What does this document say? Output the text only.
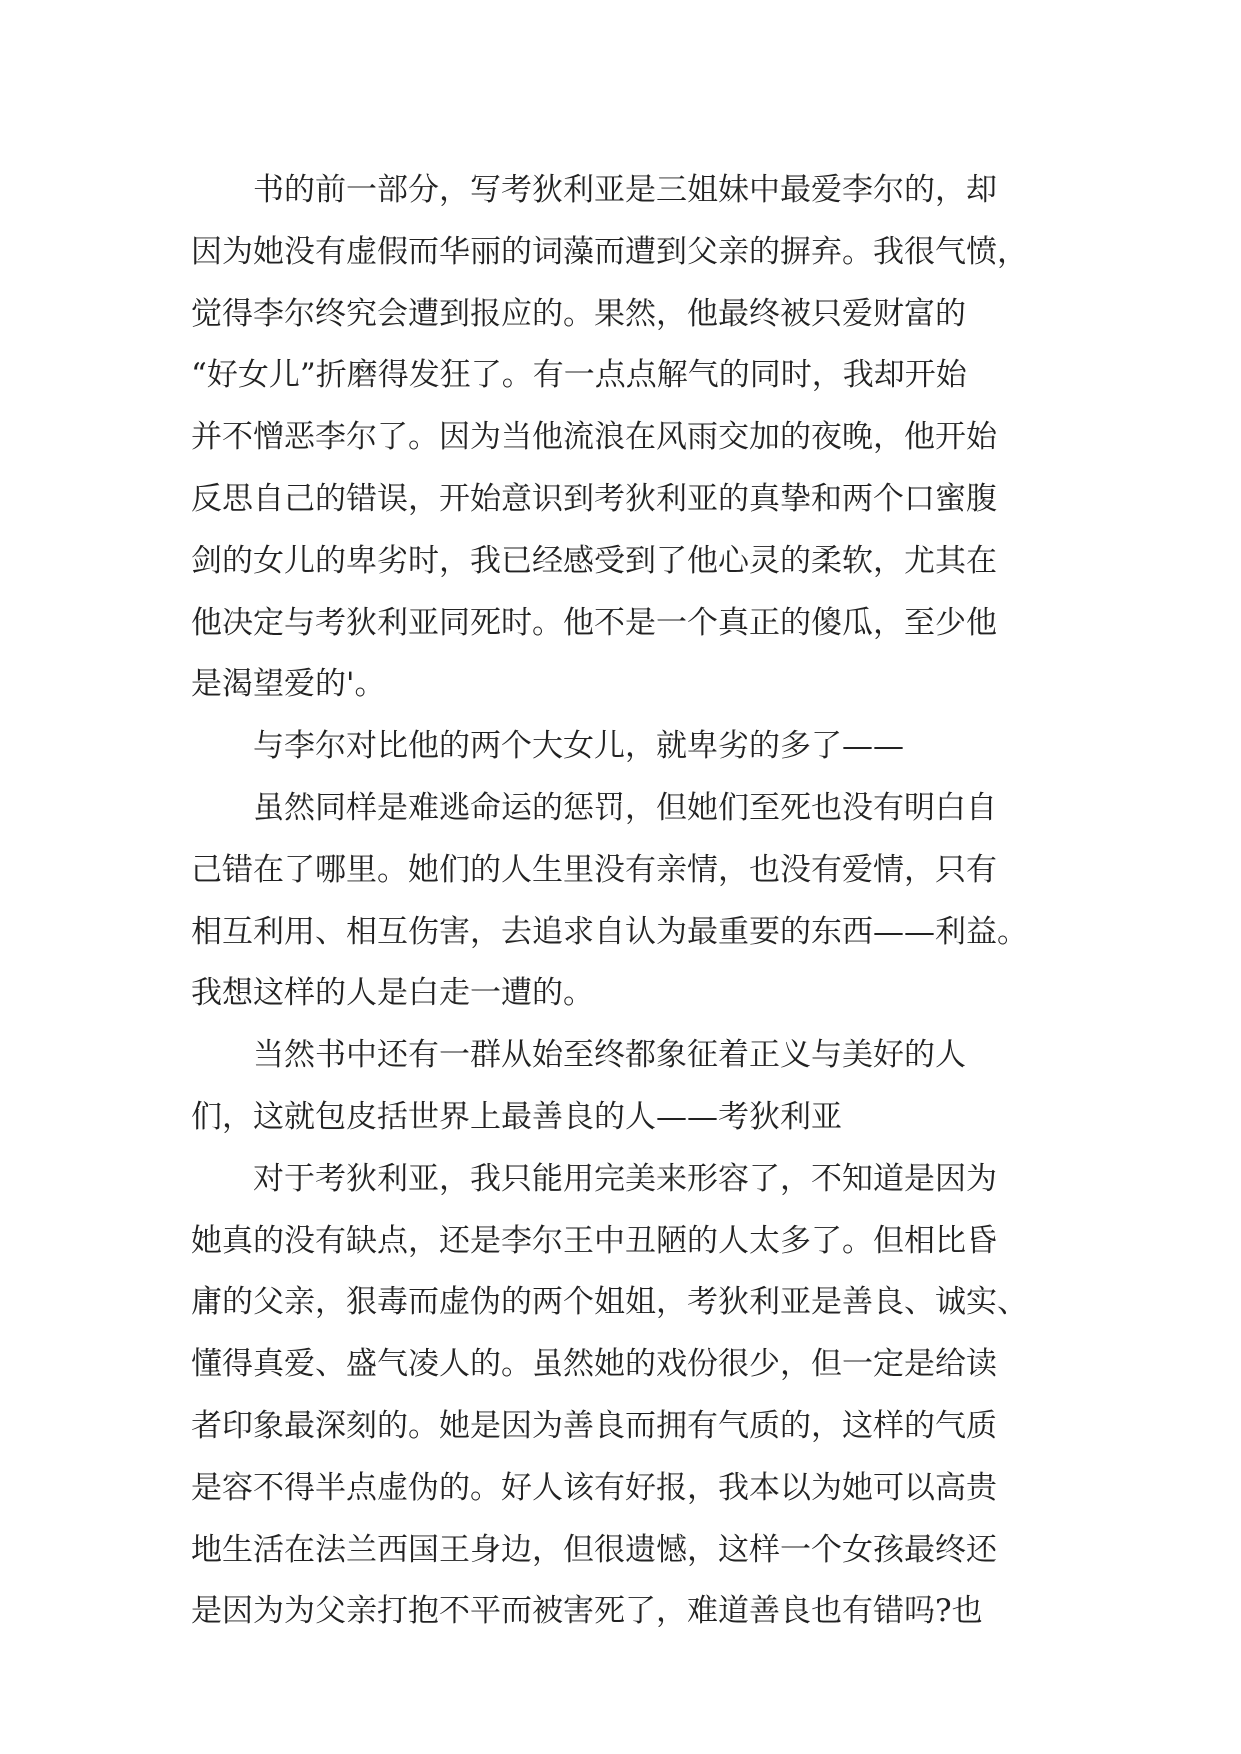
　　书的前一部分，写考狄利亚是三姐妹中最爱李尔的，却
因为她没有虚假而华丽的词藻而遭到父亲的摒弃。我很气愤，
觉得李尔终究会遭到报应的。果然，他最终被只爱财富的
“好女儿”折磨得发狂了。有一点点解气的同时，我却开始
并不憎恶李尔了。因为当他流浪在风雨交加的夜晚，他开始
反思自己的错误，开始意识到考狄利亚的真挚和两个口蜜腹
剑的女儿的卑劣时，我已经感受到了他心灵的柔软，尤其在
他决定与考狄利亚同死时。他不是一个真正的傻瓜，至少他
是渴望爱的'。
　　与李尔对比他的两个大女儿，就卑劣的多了——
　　虽然同样是难逃命运的惩罚，但她们至死也没有明白自
己错在了哪里。她们的人生里没有亲情，也没有爱情，只有
相互利用、相互伤害，去追求自认为最重要的东西——利益。
我想这样的人是白走一遭的。
　　当然书中还有一群从始至终都象征着正义与美好的人
们，这就包皮括世界上最善良的人——考狄利亚
　　对于考狄利亚，我只能用完美来形容了，不知道是因为
她真的没有缺点，还是李尔王中丑陋的人太多了。但相比昏
庸的父亲，狠毒而虚伪的两个姐姐，考狄利亚是善良、诚实、
懂得真爱、盛气凌人的。虽然她的戏份很少，但一定是给读
者印象最深刻的。她是因为善良而拥有气质的，这样的气质
是容不得半点虚伪的。好人该有好报，我本以为她可以高贵
地生活在法兰西国王身边，但很遗憾，这样一个女孩最终还
是因为为父亲打抱不平而被害死了，难道善良也有错吗?也
